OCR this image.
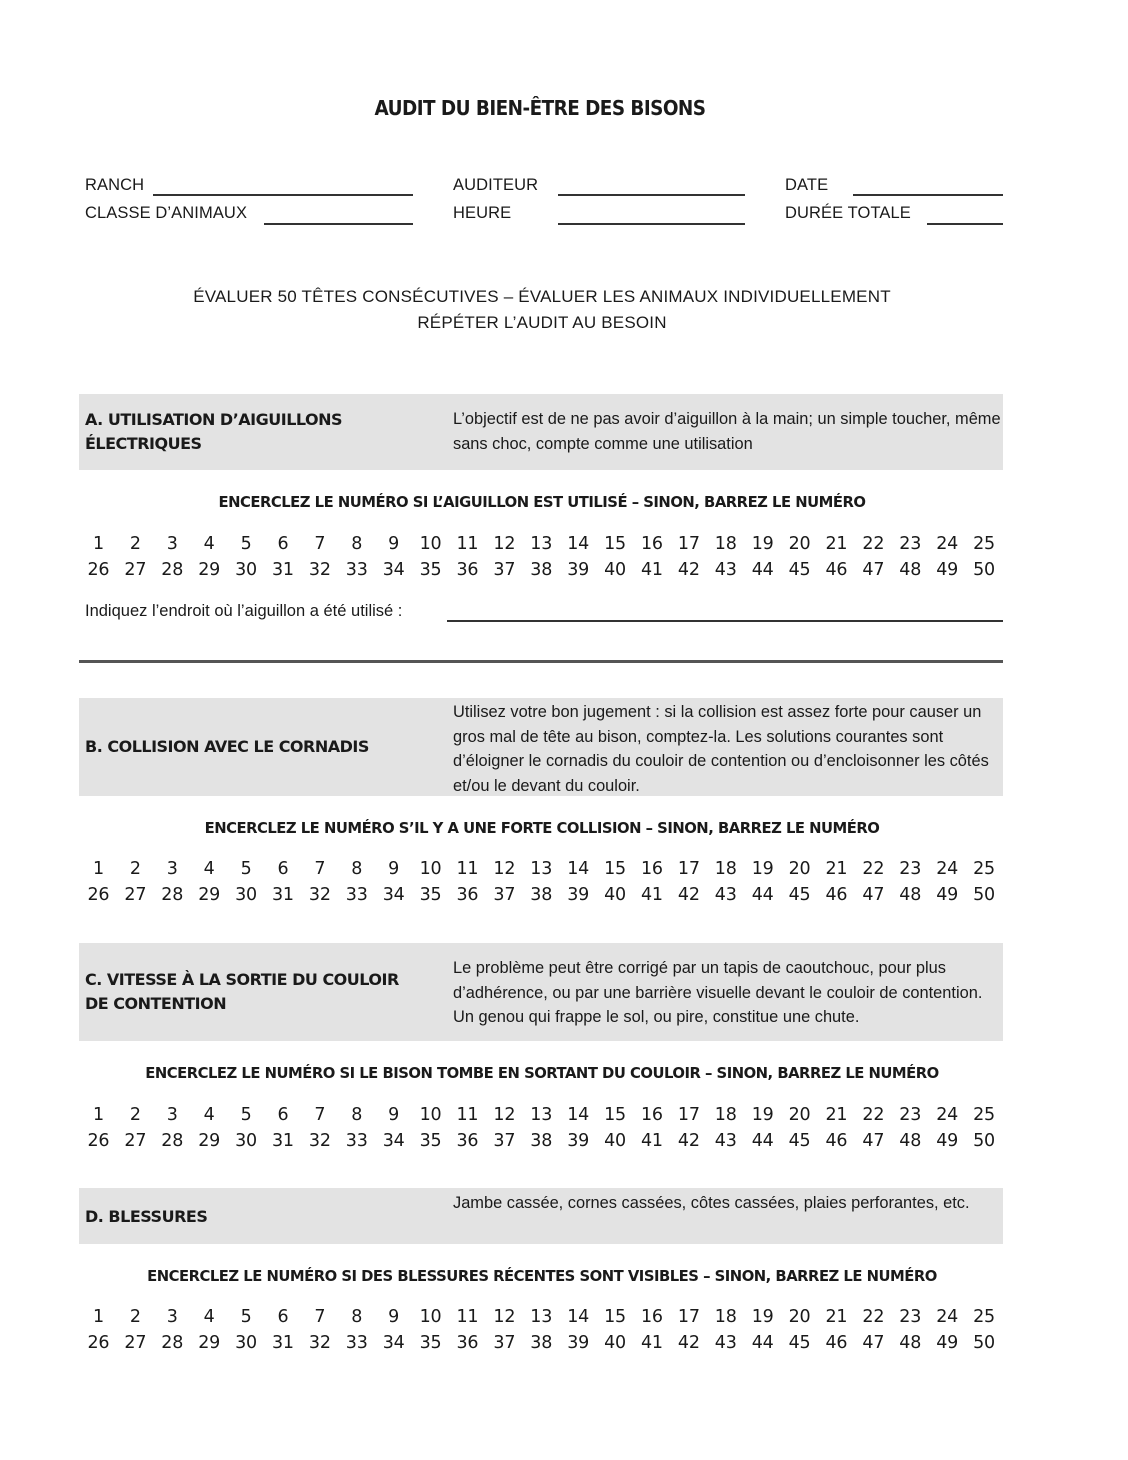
AUDIT DU BIEN-ÊTRE DES BISONS
RANCH	AUDITEUR	DATE
CLASSE D’ANIMAUX	HEURE	DURÉE TOTALE
ÉVALUER 50 TÊTES CONSÉCUTIVES – ÉVALUER LES ANIMAUX INDIVIDUELLEMENT
RÉPÉTER L’AUDIT AU BESOIN
A. UTILISATION D’AIGUILLONS
ÉLECTRIQUES
L’objectif est de ne pas avoir d’aiguillon à la main; un simple toucher, même sans choc, compte comme une utilisation
ENCERCLEZ LE NUMÉRO SI L’AIGUILLON EST UTILISÉ – SINON, BARREZ LE NUMÉRO
1	2	3	4	5	6	7	8	9	10 11 12 13 14 15 16 17 18 19 20 21 22 23 24 25
26 27 28 29 30 31 32 33 34 35 36 37 38 39 40 41 42 43 44 45 46 47 48 49 50
Indiquez l’endroit où l’aiguillon a été utilisé :
B. COLLISION AVEC LE CORNADIS
Utilisez votre bon jugement : si la collision est assez forte pour causer un gros mal de tête au bison, comptez-la. Les solutions courantes sont d’éloigner le cornadis du couloir de contention ou d’encloisonner les côtés et/ou le devant du couloir.
ENCERCLEZ LE NUMÉRO S’IL Y A UNE FORTE COLLISION – SINON, BARREZ LE NUMÉRO
1	2	3	4	5	6	7	8	9	10 11 12 13 14 15 16 17 18 19 20 21 22 23 24 25
26 27 28 29 30 31 32 33 34 35 36 37 38 39 40 41 42 43 44 45 46 47 48 49 50
C. VITESSE À LA SORTIE DU COULOIR
DE CONTENTION
Le problème peut être corrigé par un tapis de caoutchouc, pour plus d’adhérence, ou par une barrière visuelle devant le couloir de contention. Un genou qui frappe le sol, ou pire, constitue une chute.
ENCERCLEZ LE NUMÉRO SI LE BISON TOMBE EN SORTANT DU COULOIR – SINON, BARREZ LE NUMÉRO
1	2	3	4	5	6	7	8	9	10 11 12 13 14 15 16 17 18 19 20 21 22 23 24 25
26 27 28 29 30 31 32 33 34 35 36 37 38 39 40 41 42 43 44 45 46 47 48 49 50
D. BLESSURES
Jambe cassée, cornes cassées, côtes cassées, plaies perforantes, etc.
ENCERCLEZ LE NUMÉRO SI DES BLESSURES RÉCENTES SONT VISIBLES – SINON, BARREZ LE NUMÉRO
1	2	3	4	5	6	7	8	9	10 11 12 13 14 15 16 17 18 19 20 21 22 23 24 25
26 27 28 29 30 31 32 33 34 35 36 37 38 39 40 41 42 43 44 45 46 47 48 49 50
